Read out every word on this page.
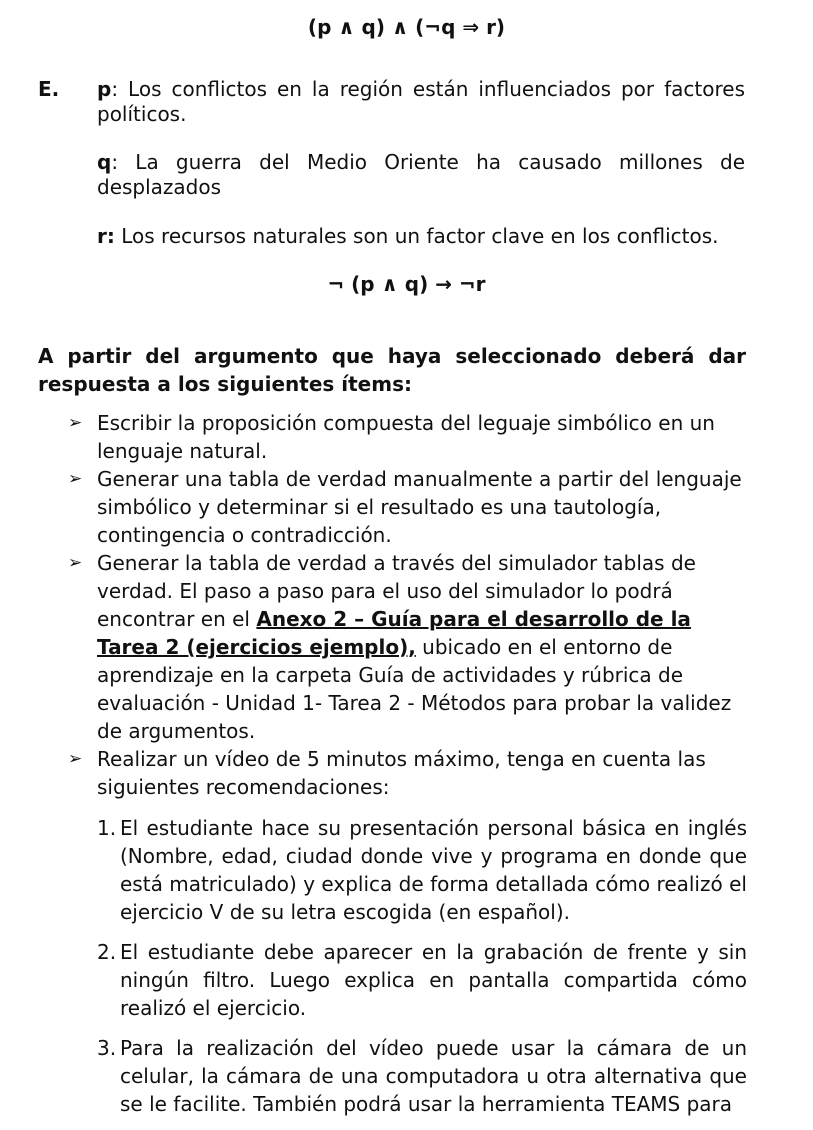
(p ∧ q) ∧ (¬q ⇒ r)
E. p: Los conflictos en la región están influenciados por factores políticos.
q: La guerra del Medio Oriente ha causado millones de desplazados
r: Los recursos naturales son un factor clave en los conflictos.
¬ (p ∧ q) → ¬r
A partir del argumento que haya seleccionado deberá dar
respuesta a los siguientes ítems:
➢ Escribir la proposición compuesta del leguaje simbólico en un lenguaje natural.
➢ Generar una tabla de verdad manualmente a partir del lenguaje simbólico y determinar si el resultado es una tautología, contingencia o contradicción.
➢ Generar la tabla de verdad a través del simulador tablas de verdad. El paso a paso para el uso del simulador lo podrá encontrar en el Anexo 2 – Guía para el desarrollo de la Tarea 2 (ejercicios ejemplo), ubicado en el entorno de aprendizaje en la carpeta Guía de actividades y rúbrica de evaluación - Unidad 1- Tarea 2 - Métodos para probar la validez de argumentos.
➢ Realizar un vídeo de 5 minutos máximo, tenga en cuenta las siguientes recomendaciones:
1. El estudiante hace su presentación personal básica en inglés (Nombre, edad, ciudad donde vive y programa en donde que está matriculado) y explica de forma detallada cómo realizó el ejercicio V de su letra escogida (en español).
2. El estudiante debe aparecer en la grabación de frente y sin ningún filtro. Luego explica en pantalla compartida cómo realizó el ejercicio.
3. Para la realización del vídeo puede usar la cámara de un celular, la cámara de una computadora u otra alternativa que se le facilite. También podrá usar la herramienta TEAMS para
